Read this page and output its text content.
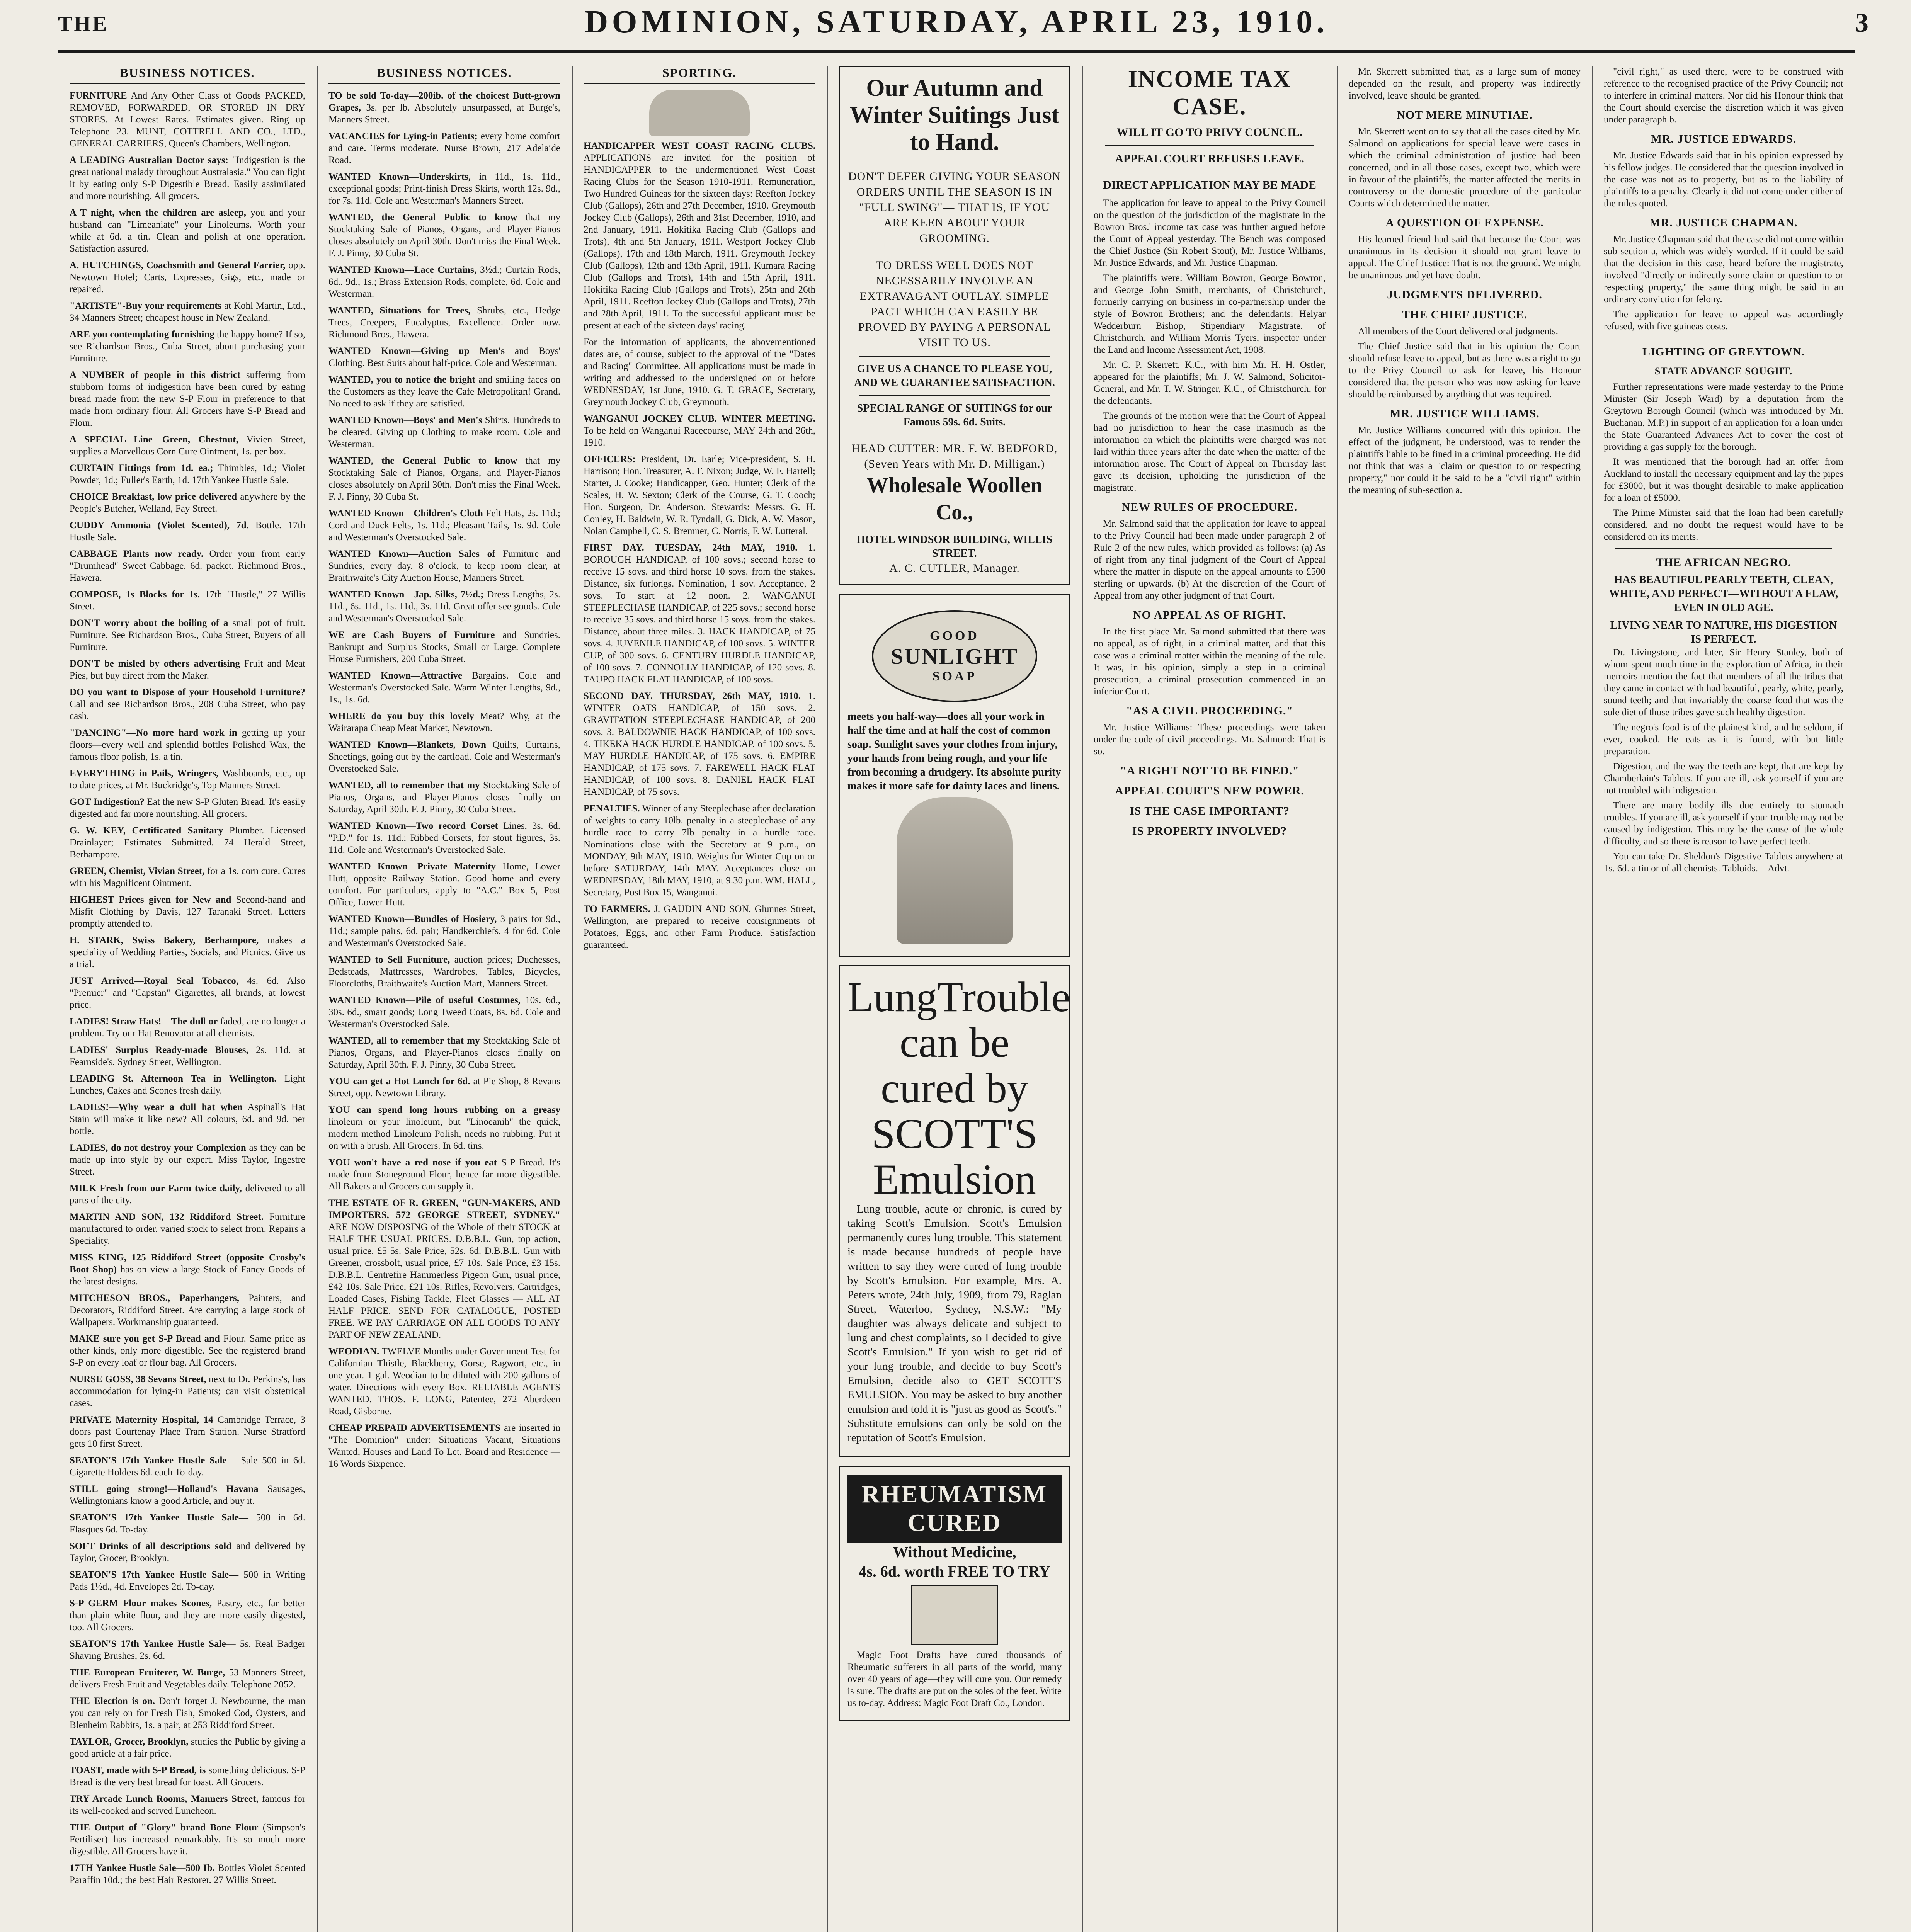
THE	DOMINION, SATURDAY, APRIL 23, 1910.	3
BUSINESS NOTICES.

FURNITURE And Any Other Class of Goods PACKED, REMOVED, FORWARDED, OR STORED IN DRY STORES. At Lowest Rates. Estimates given. Ring up Telephone 23. MUNT, COTTRELL AND CO., LTD., GENERAL CARRIERS, Queen's Chambers, Wellington.

A LEADING Australian Doctor says: "Indigestion is the great national malady throughout Australasia." You can fight it by eating only S-P Digestible Bread. Easily assimilated and more nourishing. All grocers.

A T night, when the children are asleep, you and your husband can "Limeaniate" your Linoleums. Worth your while at 6d. a tin. Clean and polish at one operation. Satisfaction assured.

A. HUTCHINGS, Coachsmith and General Farrier, opp. Newtown Hotel; Carts, Expresses, Gigs, etc., made or repaired.

"ARTISTE"-Buy your requirements at Kohl Martin, Ltd., 34 Manners Street; cheapest house in New Zealand.

ARE you contemplating furnishing the happy home? If so, see Richardson Bros., Cuba Street, about purchasing your Furniture.

A NUMBER of people in this district suffering from stubborn forms of indigestion have been cured by eating bread made from the new S-P Flour in preference to that made from ordinary flour. All Grocers have S-P Bread and Flour.

A SPECIAL Line—Green, Chestnut, Vivien Street, supplies a Marvellous Corn Cure Ointment, 1s. per box.

CURTAIN Fittings from 1d. ea.; Thimbles, 1d.; Violet Powder, 1d.; Fuller's Earth, 1d. 17th Yankee Hustle Sale.

CHOICE Breakfast, low price delivered anywhere by the People's Butcher, Welland, Fay Street.

CUDDY Ammonia (Violet Scented), 7d. Bottle. 17th Hustle Sale.

CABBAGE Plants now ready. Order your from early "Drumhead" Sweet Cabbage, 6d. packet. Richmond Bros., Hawera.

COMPOSE, 1s Blocks for 1s. 17th "Hustle," 27 Willis Street.

DON'T worry about the boiling of a small pot of fruit. Furniture. See Richardson Bros., Cuba Street, Buyers of all Furniture.

DON'T be misled by others advertising Fruit and Meat Pies, but buy direct from the Maker.

DO you want to Dispose of your Household Furniture? Call and see Richardson Bros., 208 Cuba Street, who pay cash.

"DANCING"—No more hard work in getting up your floors—every well and splendid bottles Polished Wax, the famous floor polish, 1s. a tin.

EVERYTHING in Pails, Wringers, Washboards, etc., up to date prices, at Mr. Buckridge's, Top Manners Street.

GOT Indigestion? Eat the new S-P Gluten Bread. It's easily digested and far more nourishing. All grocers.

G. W. KEY, Certificated Sanitary Plumber. Licensed Drainlayer; Estimates Submitted. 74 Herald Street, Berhampore.

GREEN, Chemist, Vivian Street, for a 1s. corn cure. Cures with his Magnificent Ointment.

HIGHEST Prices given for New and Second-hand and Misfit Clothing by Davis, 127 Taranaki Street. Letters promptly attended to.

H. STARK, Swiss Bakery, Berhampore, makes a speciality of Wedding Parties, Socials, and Picnics. Give us a trial.

JUST Arrived—Royal Seal Tobacco, 4s. 6d. Also "Premier" and "Capstan" Cigarettes, all brands, at lowest price.

LADIES! Straw Hats!—The dull or faded, are no longer a problem. Try our Hat Renovator at all chemists.

LADIES' Surplus Ready-made Blouses, 2s. 11d. at Fearnside's, Sydney Street, Wellington.

LEADING St. Afternoon Tea in Wellington. Light Lunches, Cakes and Scones fresh daily.

LADIES!—Why wear a dull hat when Aspinall's Hat Stain will make it like new? All colours, 6d. and 9d. per bottle.

LADIES, do not destroy your Complexion as they can be made up into style by our expert. Miss Taylor, Ingestre Street.

MILK Fresh from our Farm twice daily, delivered to all parts of the city.

MARTIN AND SON, 132 Riddiford Street. Furniture manufactured to order, varied stock to select from. Repairs a Speciality.

MISS KING, 125 Riddiford Street (opposite Crosby's Boot Shop) has on view a large Stock of Fancy Goods of the latest designs.

MITCHESON BROS., Paperhangers, Painters, and Decorators, Riddiford Street. Are carrying a large stock of Wallpapers. Workmanship guaranteed.

MAKE sure you get S-P Bread and Flour. Same price as other kinds, only more digestible. See the registered brand S-P on every loaf or flour bag. All Grocers.

NURSE GOSS, 38 Sevans Street, next to Dr. Perkins's, has accommodation for lying-in Patients; can visit obstetrical cases.

PRIVATE Maternity Hospital, 14 Cambridge Terrace, 3 doors past Courtenay Place Tram Station. Nurse Stratford gets 10 first Street.

SEATON'S 17th Yankee Hustle Sale— Sale 500 in 6d. Cigarette Holders 6d. each To-day.

STILL going strong!—Holland's Havana Sausages, Wellingtonians know a good Article, and buy it.

SEATON'S 17th Yankee Hustle Sale— 500 in 6d. Flasques 6d. To-day.

SOFT Drinks of all descriptions sold and delivered by Taylor, Grocer, Brooklyn.

SEATON'S 17th Yankee Hustle Sale— 500 in Writing Pads 1½d., 4d. Envelopes 2d. To-day.

S-P GERM Flour makes Scones, Pastry, etc., far better than plain white flour, and they are more easily digested, too. All Grocers.

SEATON'S 17th Yankee Hustle Sale— 5s. Real Badger Shaving Brushes, 2s. 6d.

THE European Fruiterer, W. Burge, 53 Manners Street, delivers Fresh Fruit and Vegetables daily. Telephone 2052.

THE Election is on. Don't forget J. Newbourne, the man you can rely on for Fresh Fish, Smoked Cod, Oysters, and Blenheim Rabbits, 1s. a pair, at 253 Riddiford Street.

TAYLOR, Grocer, Brooklyn, studies the Public by giving a good article at a fair price.

TOAST, made with S-P Bread, is something delicious. S-P Bread is the very best bread for toast. All Grocers.

TRY Arcade Lunch Rooms, Manners Street, famous for its well-cooked and served Luncheon.

THE Output of "Glory" brand Bone Flour (Simpson's Fertiliser) has increased remarkably. It's so much more digestible. All Grocers have it.

17TH Yankee Hustle Sale—500 Ib. Bottles Violet Scented Paraffin 10d.; the best Hair Restorer. 27 Willis Street.

BUSINESS NOTICES.

TO be sold To-day—200ib. of the choicest Butt-grown Grapes, 3s. per lb. Absolutely unsurpassed, at Burge's, Manners Street.

VACANCIES for Lying-in Patients; every home comfort and care. Terms moderate. Nurse Brown, 217 Adelaide Road.

WANTED Known—Underskirts, in 11d., 1s. 11d., exceptional goods; Print-finish Dress Skirts, worth 12s. 9d., for 7s. 11d. Cole and Westerman's Manners Street.

WANTED, the General Public to know that my Stocktaking Sale of Pianos, Organs, and Player-Pianos closes absolutely on April 30th. Don't miss the Final Week. F. J. Pinny, 30 Cuba St.

WANTED Known—Lace Curtains, 3½d.; Curtain Rods, 6d., 9d., 1s.; Brass Extension Rods, complete, 6d. Cole and Westerman.

WANTED, Situations for Trees, Shrubs, etc., Hedge Trees, Creepers, Eucalyptus, Excellence. Order now. Richmond Bros., Hawera.

WANTED Known—Giving up Men's and Boys' Clothing. Best Suits about half-price. Cole and Westerman.

WANTED, you to notice the bright and smiling faces on the Customers as they leave the Cafe Metropolitan! Grand. No need to ask if they are satisfied.

WANTED Known—Boys' and Men's Shirts. Hundreds to be cleared. Giving up Clothing to make room. Cole and Westerman.

WANTED, the General Public to know that my Stocktaking Sale of Pianos, Organs, and Player-Pianos closes absolutely on April 30th. Don't miss the Final Week. F. J. Pinny, 30 Cuba St.

WANTED Known—Children's Cloth Felt Hats, 2s. 11d.; Cord and Duck Felts, 1s. 11d.; Pleasant Tails, 1s. 9d. Cole and Westerman's Overstocked Sale.

WANTED Known—Auction Sales of Furniture and Sundries, every day, 8 o'clock, to keep room clear, at Braithwaite's City Auction House, Manners Street.

WANTED Known—Jap. Silks, 7½d.; Dress Lengths, 2s. 11d., 6s. 11d., 1s. 11d., 3s. 11d. Great offer see goods. Cole and Westerman's Overstocked Sale.

WE are Cash Buyers of Furniture and Sundries. Bankrupt and Surplus Stocks, Small or Large. Complete House Furnishers, 200 Cuba Street.

WANTED Known—Attractive Bargains. Cole and Westerman's Overstocked Sale. Warm Winter Lengths, 9d., 1s., 1s. 6d.

WHERE do you buy this lovely Meat? Why, at the Wairarapa Cheap Meat Market, Newtown.

WANTED Known—Blankets, Down Quilts, Curtains, Sheetings, going out by the cartload. Cole and Westerman's Overstocked Sale.

WANTED, all to remember that my Stocktaking Sale of Pianos, Organs, and Player-Pianos closes finally on Saturday, April 30th. F. J. Pinny, 30 Cuba Street.

WANTED Known—Two record Corset Lines, 3s. 6d. "P.D." for 1s. 11d.; Ribbed Corsets, for stout figures, 3s. 11d. Cole and Westerman's Overstocked Sale.

WANTED Known—Private Maternity Home, Lower Hutt, opposite Railway Station. Good home and every comfort. For particulars, apply to "A.C." Box 5, Post Office, Lower Hutt.

WANTED Known—Bundles of Hosiery, 3 pairs for 9d., 11d.; sample pairs, 6d. pair; Handkerchiefs, 4 for 6d. Cole and Westerman's Overstocked Sale.

WANTED to Sell Furniture, auction prices; Duchesses, Bedsteads, Mattresses, Wardrobes, Tables, Bicycles, Floorcloths, Braithwaite's Auction Mart, Manners Street.

WANTED Known—Pile of useful Costumes, 10s. 6d., 30s. 6d., smart goods; Long Tweed Coats, 8s. 6d. Cole and Westerman's Overstocked Sale.

WANTED, all to remember that my Stocktaking Sale of Pianos, Organs, and Player-Pianos closes finally on Saturday, April 30th. F. J. Pinny, 30 Cuba Street.

YOU can get a Hot Lunch for 6d. at Pie Shop, 8 Revans Street, opp. Newtown Library.

YOU can spend long hours rubbing on a greasy linoleum or your linoleum, but "Linoeanih" the quick, modern method Linoleum Polish, needs no rubbing. Put it on with a brush. All Grocers. In 6d. tins.

YOU won't have a red nose if you eat S-P Bread. It's made from Stoneground Flour, hence far more digestible. All Bakers and Grocers can supply it.

THE ESTATE OF R. GREEN, "GUN-MAKERS, AND IMPORTERS, 572 GEORGE STREET, SYDNEY." ARE NOW DISPOSING of the Whole of their STOCK at HALF THE USUAL PRICES. D.B.B.L. Gun, top action, usual price, £5 5s. Sale Price, 52s. 6d. D.B.B.L. Gun with Greener, crossbolt, usual price, £7 10s. Sale Price, £3 15s. D.B.B.L. Centrefire Hammerless Pigeon Gun, usual price, £42 10s. Sale Price, £21 10s. Rifles, Revolvers, Cartridges, Loaded Cases, Fishing Tackle, Fleet Glasses — ALL AT HALF PRICE. SEND FOR CATALOGUE, POSTED FREE. WE PAY CARRIAGE ON ALL GOODS TO ANY PART OF NEW ZEALAND.

WEODIAN. TWELVE Months under Government Test for Californian Thistle, Blackberry, Gorse, Ragwort, etc., in one year. 1 gal. Weodian to be diluted with 200 gallons of water. Directions with every Box. RELIABLE AGENTS WANTED. THOS. F. LONG, Patentee, 272 Aberdeen Road, Gisborne.

CHEAP PREPAID ADVERTISEMENTS are inserted in "The Dominion" under: Situations Vacant, Situations Wanted, Houses and Land To Let, Board and Residence — 16 Words Sixpence.

SPORTING.

HANDICAPPER WEST COAST RACING CLUBS. APPLICATIONS are invited for the position of HANDICAPPER to the undermentioned West Coast Racing Clubs for the Season 1910-1911. Remuneration, Two Hundred Guineas for the sixteen days: Reefton Jockey Club (Gallops), 26th and 27th December, 1910. Greymouth Jockey Club (Gallops), 26th and 31st December, 1910, and 2nd January, 1911. Hokitika Racing Club (Gallops and Trots), 4th and 5th January, 1911. Westport Jockey Club (Gallops), 17th and 18th March, 1911. Greymouth Jockey Club (Gallops), 12th and 13th April, 1911. Kumara Racing Club (Gallops and Trots), 14th and 15th April, 1911. Hokitika Racing Club (Gallops and Trots), 25th and 26th April, 1911. Reefton Jockey Club (Gallops and Trots), 27th and 28th April, 1911. To the successful applicant must be present at each of the sixteen days' racing.

For the information of applicants, the abovementioned dates are, of course, subject to the approval of the "Dates and Racing" Committee. All applications must be made in writing and addressed to the undersigned on or before WEDNESDAY, 1st June, 1910. G. T. GRACE, Secretary, Greymouth Jockey Club, Greymouth.

WANGANUI JOCKEY CLUB. WINTER MEETING. To be held on Wanganui Racecourse, MAY 24th and 26th, 1910.

OFFICERS: President, Dr. Earle; Vice-president, S. H. Harrison; Hon. Treasurer, A. F. Nixon; Judge, W. F. Hartell; Starter, J. Cooke; Handicapper, Geo. Hunter; Clerk of the Scales, H. W. Sexton; Clerk of the Course, G. T. Cooch; Hon. Surgeon, Dr. Anderson. Stewards: Messrs. G. H. Conley, H. Baldwin, W. R. Tyndall, G. Dick, A. W. Mason, Nolan Campbell, C. S. Bremner, C. Norris, F. W. Lutteral.

FIRST DAY. TUESDAY, 24th MAY, 1910. 1. BOROUGH HANDICAP, of 100 sovs.; second horse to receive 15 sovs. and third horse 10 sovs. from the stakes. Distance, six furlongs. Nomination, 1 sov. Acceptance, 2 sovs. To start at 12 noon. 2. WANGANUI STEEPLECHASE HANDICAP, of 225 sovs.; second horse to receive 35 sovs. and third horse 15 sovs. from the stakes. Distance, about three miles. 3. HACK HANDICAP, of 75 sovs. 4. JUVENILE HANDICAP, of 100 sovs. 5. WINTER CUP, of 300 sovs. 6. CENTURY HURDLE HANDICAP, of 100 sovs. 7. CONNOLLY HANDICAP, of 120 sovs. 8. TAUPO HACK FLAT HANDICAP, of 100 sovs.

SECOND DAY. THURSDAY, 26th MAY, 1910. 1. WINTER OATS HANDICAP, of 150 sovs. 2. GRAVITATION STEEPLECHASE HANDICAP, of 200 sovs. 3. BALDOWNIE HACK HANDICAP, of 100 sovs. 4. TIKEKA HACK HURDLE HANDICAP, of 100 sovs. 5. MAY HURDLE HANDICAP, of 175 sovs. 6. EMPIRE HANDICAP, of 175 sovs. 7. FAREWELL HACK FLAT HANDICAP, of 100 sovs. 8. DANIEL HACK FLAT HANDICAP, of 75 sovs.

PENALTIES. Winner of any Steeplechase after declaration of weights to carry 10lb. penalty in a steeplechase of any hurdle race to carry 7lb penalty in a hurdle race. Nominations close with the Secretary at 9 p.m., on MONDAY, 9th MAY, 1910. Weights for Winter Cup on or before SATURDAY, 14th MAY. Acceptances close on WEDNESDAY, 18th MAY, 1910, at 9.30 p.m. WM. HALL, Secretary, Post Box 15, Wanganui.

TO FARMERS. J. GAUDIN AND SON, Glunnes Street, Wellington, are prepared to receive consignments of Potatoes, Eggs, and other Farm Produce. Satisfaction guaranteed.

Our Autumn and Winter Suitings Just to Hand.
DON'T DEFER GIVING YOUR SEASON ORDERS UNTIL THE SEASON IS IN "FULL SWING"— THAT IS, IF YOU ARE KEEN ABOUT YOUR GROOMING.
TO DRESS WELL DOES NOT NECESSARILY INVOLVE AN EXTRAVAGANT OUTLAY. SIMPLE PACT WHICH CAN EASILY BE PROVED BY PAYING A PERSONAL VISIT TO US.
GIVE US A CHANCE TO PLEASE YOU, AND WE GUARANTEE SATISFACTION.
SPECIAL RANGE OF SUITINGS for our Famous 59s. 6d. Suits.
HEAD CUTTER: MR. F. W. BEDFORD, (Seven Years with Mr. D. Milligan.)
Wholesale Woollen Co.,
HOTEL WINDSOR BUILDING, WILLIS STREET.
A. C. CUTLER, Manager.
GOOD
SUNLIGHT
SOAP
meets you half-way—does all your work in half the time and at half the cost of common soap. Sunlight saves your clothes from injury, your hands from being rough, and your life from becoming a drudgery. Its absolute purity makes it more safe for dainty laces and linens.
LungTrouble can be cured by SCOTT'S Emulsion
Lung trouble, acute or chronic, is cured by taking Scott's Emulsion. Scott's Emulsion permanently cures lung trouble. This statement is made because hundreds of people have written to say they were cured of lung trouble by Scott's Emulsion. For example, Mrs. A. Peters wrote, 24th July, 1909, from 79, Raglan Street, Waterloo, Sydney, N.S.W.: "My daughter was always delicate and subject to lung and chest complaints, so I decided to give Scott's Emulsion." If you wish to get rid of your lung trouble, and decide to buy Scott's Emulsion, decide also to GET SCOTT'S EMULSION. You may be asked to buy another emulsion and told it is "just as good as Scott's." Substitute emulsions can only be sold on the reputation of Scott's Emulsion.
RHEUMATISM CURED
Without Medicine,
4s. 6d. worth FREE TO TRY
Magic Foot Drafts have cured thousands of Rheumatic sufferers in all parts of the world, many over 40 years of age—they will cure you. Our remedy is sure. The drafts are put on the soles of the feet. Write us to-day. Address: Magic Foot Draft Co., London.
INCOME TAX CASE.
WILL IT GO TO PRIVY COUNCIL.
APPEAL COURT REFUSES LEAVE.
DIRECT APPLICATION MAY BE MADE

The application for leave to appeal to the Privy Council on the question of the jurisdiction of the magistrate in the Bowron Bros.' income tax case was further argued before the Court of Appeal yesterday. The Bench was composed the Chief Justice (Sir Robert Stout), Mr. Justice Williams, Mr. Justice Edwards, and Mr. Justice Chapman.

The plaintiffs were: William Bowron, George Bowron, and George John Smith, merchants, of Christchurch, formerly carrying on business in co-partnership under the style of Bowron Brothers; and the defendants: Helyar Wedderburn Bishop, Stipendiary Magistrate, of Christchurch, and William Morris Tyers, inspector under the Land and Income Assessment Act, 1908.

Mr. C. P. Skerrett, K.C., with him Mr. H. H. Ostler, appeared for the plaintiffs; Mr. J. W. Salmond, Solicitor-General, and Mr. T. W. Stringer, K.C., of Christchurch, for the defendants.

The grounds of the motion were that the Court of Appeal had no jurisdiction to hear the case inasmuch as the information on which the plaintiffs were charged was not laid within three years after the date when the matter of the information arose. The Court of Appeal on Thursday last gave its decision, upholding the jurisdiction of the magistrate.

NEW RULES OF PROCEDURE.

Mr. Salmond said that the application for leave to appeal to the Privy Council had been made under paragraph 2 of Rule 2 of the new rules, which provided as follows: (a) As of right from any final judgment of the Court of Appeal where the matter in dispute on the appeal amounts to £500 sterling or upwards. (b) At the discretion of the Court of Appeal from any other judgment of that Court.

NO APPEAL AS OF RIGHT.

In the first place Mr. Salmond submitted that there was no appeal, as of right, in a criminal matter, and that this case was a criminal matter within the meaning of the rule. It was, in his opinion, simply a step in a criminal prosecution, a criminal prosecution commenced in an inferior Court.

"AS A CIVIL PROCEEDING."

Mr. Justice Williams: These proceedings were taken under the code of civil proceedings. Mr. Salmond: That is so.

"A RIGHT NOT TO BE FINED."

APPEAL COURT'S NEW POWER.

IS THE CASE IMPORTANT?

IS PROPERTY INVOLVED?

Mr. Skerrett submitted that, as a large sum of money depended on the result, and property was indirectly involved, leave should be granted.

NOT MERE MINUTIAE.

Mr. Skerrett went on to say that all the cases cited by Mr. Salmond on applications for special leave were cases in which the criminal administration of justice had been concerned, and in all those cases, except two, which were in favour of the plaintiffs, the matter affected the merits in controversy or the domestic procedure of the particular Courts which determined the matter.

A QUESTION OF EXPENSE.

His learned friend had said that because the Court was unanimous in its decision it should not grant leave to appeal. The Chief Justice: That is not the ground. We might be unanimous and yet have doubt.

JUDGMENTS DELIVERED.

THE CHIEF JUSTICE.

All members of the Court delivered oral judgments.

The Chief Justice said that in his opinion the Court should refuse leave to appeal, but as there was a right to go to the Privy Council to ask for leave, his Honour considered that the person who was now asking for leave should be reimbursed by anything that was required.

MR. JUSTICE WILLIAMS.

Mr. Justice Williams concurred with this opinion. The effect of the judgment, he understood, was to render the plaintiffs liable to be fined in a criminal proceeding. He did not think that was a "claim or question to or respecting property," nor could it be said to be a "civil right" within the meaning of sub-section a.

"civil right," as used there, were to be construed with reference to the recognised practice of the Privy Council; not to interfere in criminal matters. Nor did his Honour think that the Court should exercise the discretion which it was given under paragraph b.

MR. JUSTICE EDWARDS.

Mr. Justice Edwards said that in his opinion expressed by his fellow judges. He considered that the question involved in the case was not as to property, but as to the liability of plaintiffs to a penalty. Clearly it did not come under either of the rules quoted.

MR. JUSTICE CHAPMAN.

Mr. Justice Chapman said that the case did not come within sub-section a, which was widely worded. If it could be said that the decision in this case, heard before the magistrate, involved "directly or indirectly some claim or question to or respecting property," the same thing might be said in an ordinary conviction for felony.

The application for leave to appeal was accordingly refused, with five guineas costs.

LIGHTING OF GREYTOWN.
STATE ADVANCE SOUGHT.

Further representations were made yesterday to the Prime Minister (Sir Joseph Ward) by a deputation from the Greytown Borough Council (which was introduced by Mr. Buchanan, M.P.) in support of an application for a loan under the State Guaranteed Advances Act to cover the cost of providing a gas supply for the borough.

It was mentioned that the borough had an offer from Auckland to install the necessary equipment and lay the pipes for £3000, but it was thought desirable to make application for a loan of £5000.

The Prime Minister said that the loan had been carefully considered, and no doubt the request would have to be considered on its merits.

THE AFRICAN NEGRO.
HAS BEAUTIFUL PEARLY TEETH, CLEAN, WHITE, AND PERFECT—WITHOUT A FLAW, EVEN IN OLD AGE.
LIVING NEAR TO NATURE, HIS DIGESTION IS PERFECT.

Dr. Livingstone, and later, Sir Henry Stanley, both of whom spent much time in the exploration of Africa, in their memoirs mention the fact that members of all the tribes that they came in contact with had beautiful, pearly, white, pearly, sound teeth; and that invariably the coarse food that was the sole diet of those tribes gave such healthy digestion.

The negro's food is of the plainest kind, and he seldom, if ever, cooked. He eats as it is found, with but little preparation.

Digestion, and the way the teeth are kept, that are kept by Chamberlain's Tablets. If you are ill, ask yourself if you are not troubled with indigestion.

There are many bodily ills due entirely to stomach troubles. If you are ill, ask yourself if your trouble may not be caused by indigestion. This may be the cause of the whole difficulty, and so there is reason to have perfect teeth.

You can take Dr. Sheldon's Digestive Tablets anywhere at 1s. 6d. a tin or of all chemists. Tabloids.—Advt.
